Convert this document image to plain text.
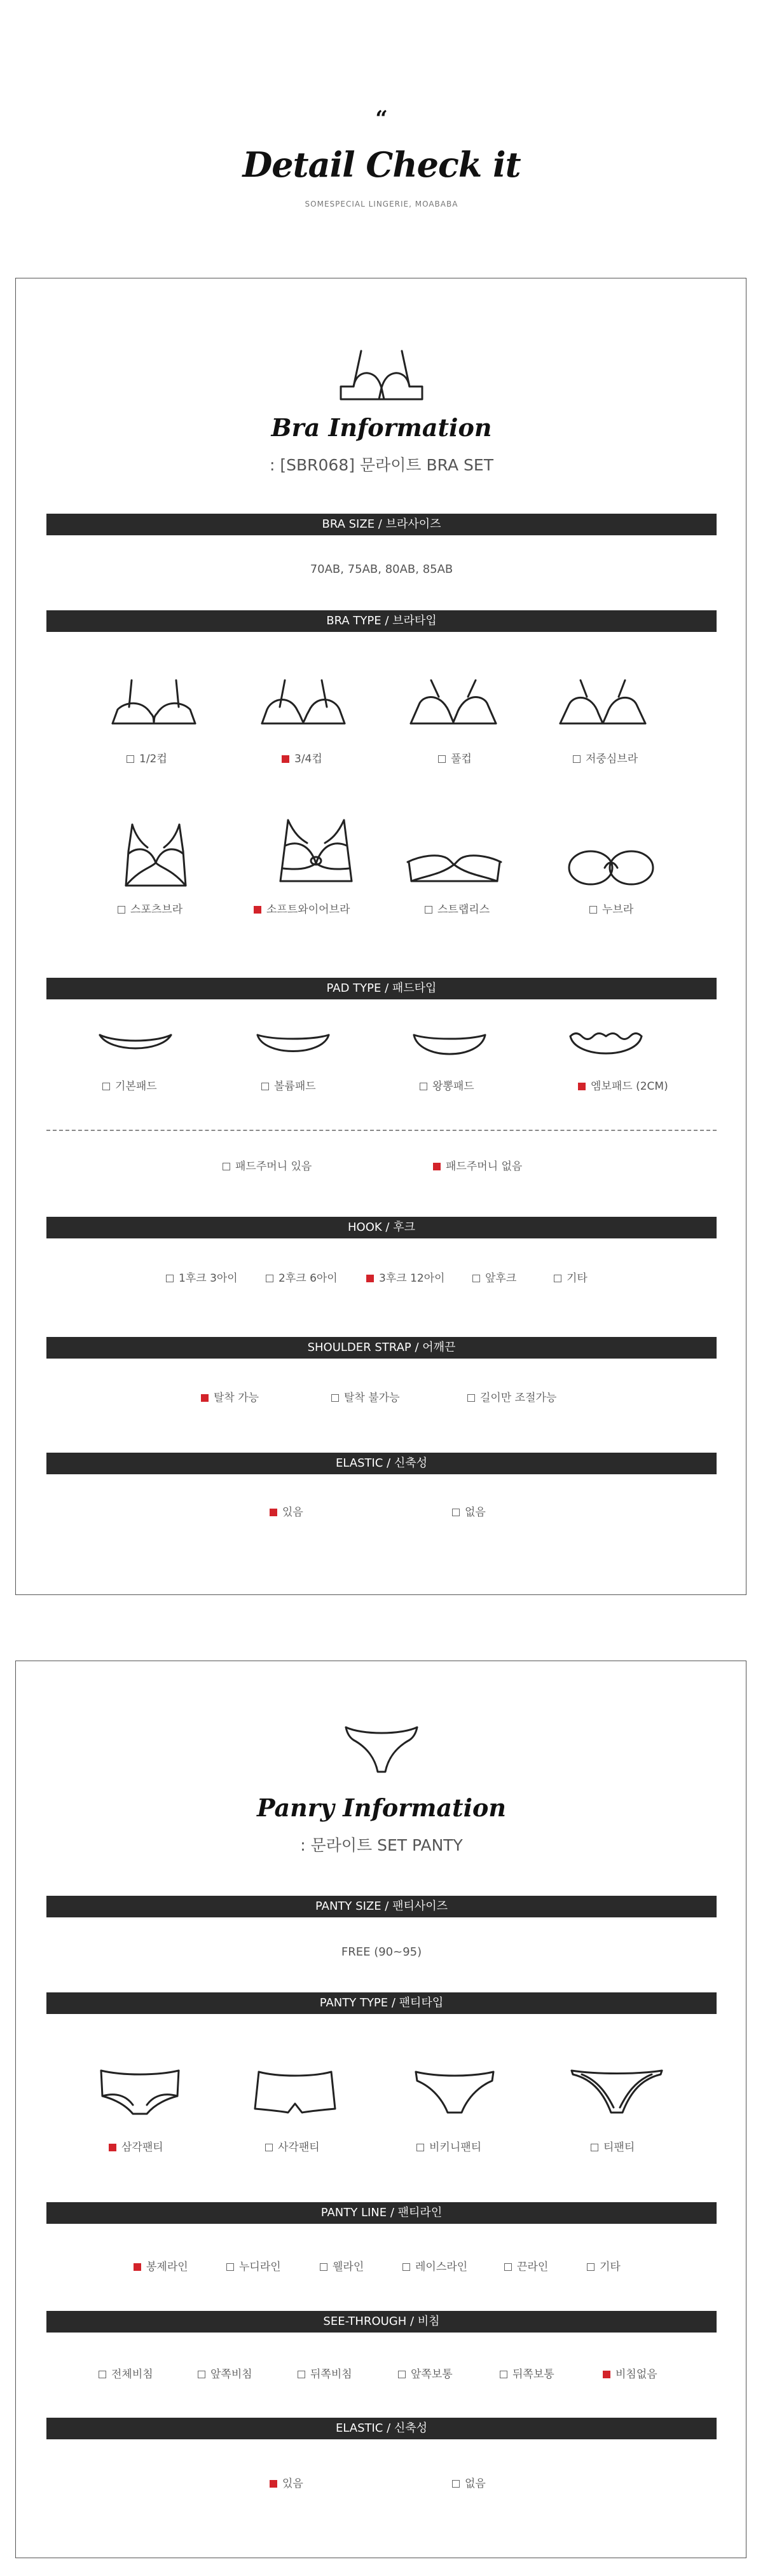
“
Detail Check it
SOMESPECIAL LINGERIE, MOABABA
Bra Information
: [SBR068] 문라이트 BRA SET
BRA SIZE / 브라사이즈
70AB, 75AB, 80AB, 85AB
BRA TYPE / 브라타입
1/2컵	3/4컵	풀컵	저중심브라
스포츠브라	소프트와이어브라	스트랩리스	누브라
PAD TYPE / 패드타입
기본패드	볼륨패드	왕뽕패드	엠보패드 (2CM)
패드주머니 있음	패드주머니 없음
HOOK / 후크
1후크 3아이	2후크 6아이	3후크 12아이	앞후크	기타
SHOULDER STRAP / 어깨끈
탈착 가능	탈착 불가능	길이만 조절가능
ELASTIC / 신축성
있음	없음
Panry Information
: 문라이트 SET PANTY
PANTY SIZE / 팬티사이즈
FREE (90~95)
PANTY TYPE / 팬티타입
삼각팬티	사각팬티	비키니팬티	티팬티
PANTY LINE / 팬티라인
봉제라인	누디라인	웰라인	레이스라인	끈라인	기타
SEE-THROUGH / 비침
전체비침	앞쪽비침	뒤쪽비침	앞쪽보통	뒤쪽보통	비침없음
ELASTIC / 신축성
있음	없음
